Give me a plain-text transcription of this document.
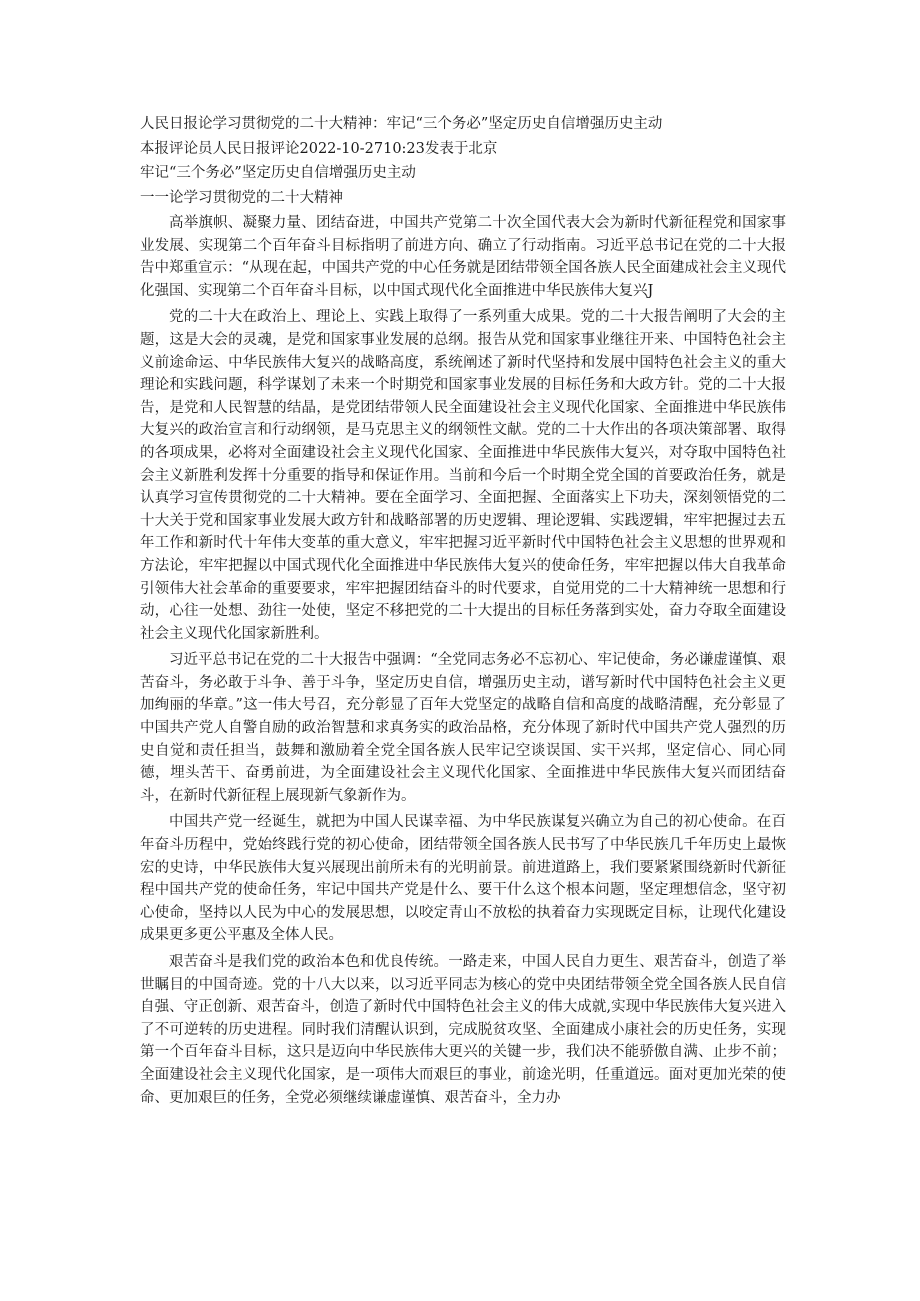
人民日报论学习贯彻党的二十大精神：牢记“三个务必”坚定历史自信增强历史主动

本报评论员人民日报评论2022-10-2710:23发表于北京

牢记“三个务必”坚定历史自信增强历史主动

一一论学习贯彻党的二十大精神

高举旗帜、凝聚力量、团结奋进，中国共产党第二十次全国代表大会为新时代新征程党和国家事业发展、实现第二个百年奋斗目标指明了前进方向、确立了行动指南。习近平总书记在党的二十大报告中郑重宣示：“从现在起，中国共产党的中心任务就是团结带领全国各族人民全面建成社会主义现代化强国、实现第二个百年奋斗目标，以中国式现代化全面推进中华民族伟大复兴J

党的二十大在政治上、理论上、实践上取得了一系列重大成果。党的二十大报告阐明了大会的主题，这是大会的灵魂，是党和国家事业发展的总纲。报告从党和国家事业继往开来、中国特色社会主义前途命运、中华民族伟大复兴的战略高度，系统阐述了新时代坚持和发展中国特色社会主义的重大理论和实践问题，科学谋划了未来一个时期党和国家事业发展的目标任务和大政方针。党的二十大报告，是党和人民智慧的结晶，是党团结带领人民全面建设社会主义现代化国家、全面推进中华民族伟大复兴的政治宣言和行动纲领，是马克思主义的纲领性文献。党的二十大作出的各项决策部署、取得的各项成果，必将对全面建设社会主义现代化国家、全面推进中华民族伟大复兴，对夺取中国特色社会主义新胜利发挥十分重要的指导和保证作用。当前和今后一个时期全党全国的首要政治任务，就是认真学习宣传贯彻党的二十大精神。要在全面学习、全面把握、全面落实上下功夫，深刻领悟党的二十大关于党和国家事业发展大政方针和战略部署的历史逻辑、理论逻辑、实践逻辑，牢牢把握过去五年工作和新时代十年伟大变革的重大意义，牢牢把握习近平新时代中国特色社会主义思想的世界观和方法论，牢牢把握以中国式现代化全面推进中华民族伟大复兴的使命任务，牢牢把握以伟大自我革命引领伟大社会革命的重要要求，牢牢把握团结奋斗的时代要求，自觉用党的二十大精神统一思想和行动，心往一处想、劲往一处使，坚定不移把党的二十大提出的目标任务落到实处，奋力夺取全面建设社会主义现代化国家新胜利。

习近平总书记在党的二十大报告中强调：“全党同志务必不忘初心、牢记使命，务必谦虚谨慎、艰苦奋斗，务必敢于斗争、善于斗争，坚定历史自信，增强历史主动，谱写新时代中国特色社会主义更加绚丽的华章。”这一伟大号召，充分彰显了百年大党坚定的战略自信和高度的战略清醒，充分彰显了中国共产党人自警自励的政治智慧和求真务实的政治品格，充分体现了新时代中国共产党人强烈的历史自觉和责任担当，鼓舞和激励着全党全国各族人民牢记空谈误国、实干兴邦，坚定信心、同心同德，埋头苦干、奋勇前进，为全面建设社会主义现代化国家、全面推进中华民族伟大复兴而团结奋斗，在新时代新征程上展现新气象新作为。

中国共产党一经诞生，就把为中国人民谋幸福、为中华民族谋复兴确立为自己的初心使命。在百年奋斗历程中，党始终践行党的初心使命，团结带领全国各族人民书写了中华民族几千年历史上最恢宏的史诗，中华民族伟大复兴展现出前所未有的光明前景。前进道路上，我们要紧紧围绕新时代新征程中国共产党的使命任务，牢记中国共产党是什么、要干什么这个根本问题，坚定理想信念，坚守初心使命，坚持以人民为中心的发展思想，以咬定青山不放松的执着奋力实现既定目标，让现代化建设成果更多更公平惠及全体人民。

艰苦奋斗是我们党的政治本色和优良传统。一路走来，中国人民自力更生、艰苦奋斗，创造了举世瞩目的中国奇迹。党的十八大以来，以习近平同志为核心的党中央团结带领全党全国各族人民自信自强、守正创新、艰苦奋斗，创造了新时代中国特色社会主义的伟大成就,实现中华民族伟大复兴进入了不可逆转的历史进程。同时我们清醒认识到，完成脱贫攻坚、全面建成小康社会的历史任务，实现第一个百年奋斗目标，这只是迈向中华民族伟大更兴的关键一步，我们决不能骄傲自满、止步不前；全面建设社会主义现代化国家，是一项伟大而艰巨的事业，前途光明，任重道远。面对更加光荣的使命、更加艰巨的任务，全党必须继续谦虚谨慎、艰苦奋斗，全力办
